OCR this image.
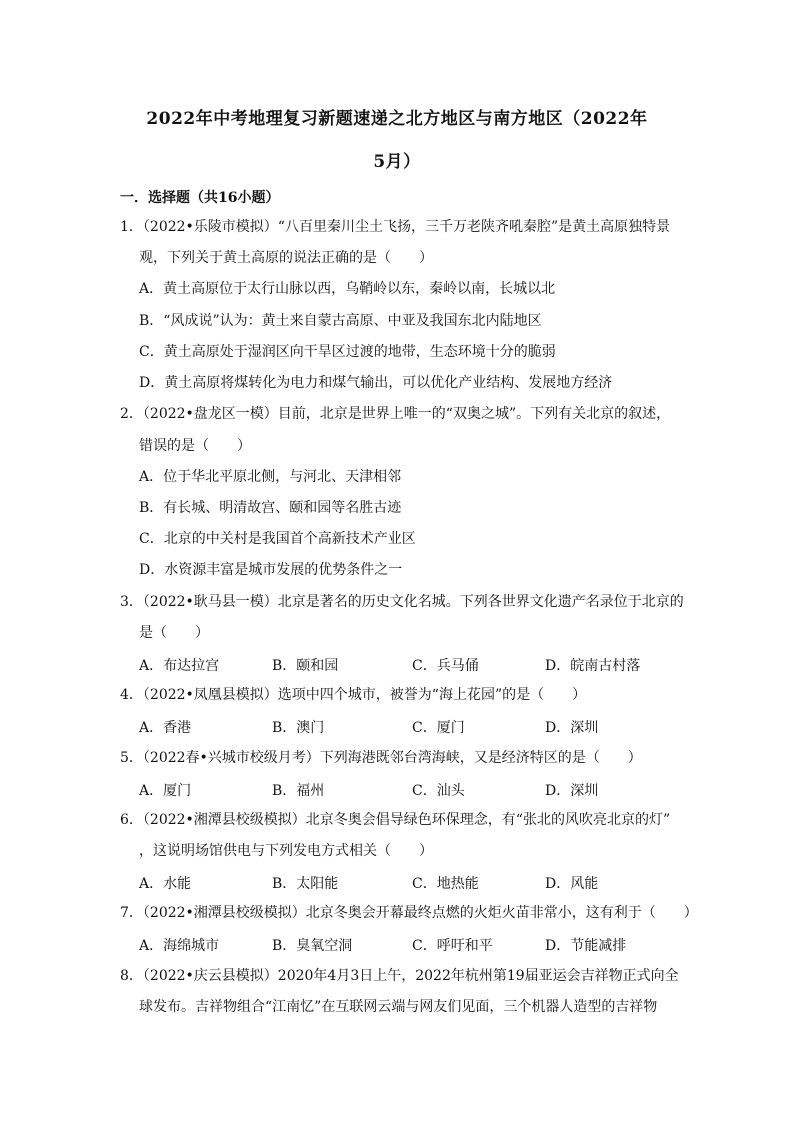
2022年中考地理复习新题速递之北方地区与南方地区（2022年
5月）
一．选择题（共16小题）
1．（2022•乐陵市模拟）“八百里秦川尘土飞扬，三千万老陕齐吼秦腔”是黄土高原独特景
观，下列关于黄土高原的说法正确的是（　　）
A．黄土高原位于太行山脉以西，乌鞘岭以东，秦岭以南，长城以北
B．“风成说”认为：黄土来自蒙古高原、中亚及我国东北内陆地区
C．黄土高原处于湿润区向干旱区过渡的地带，生态环境十分的脆弱
D．黄土高原将煤转化为电力和煤气输出，可以优化产业结构、发展地方经济
2．（2022•盘龙区一模）目前，北京是世界上唯一的“双奥之城”。下列有关北京的叙述，
错误的是（　　）
A．位于华北平原北侧，与河北、天津相邻
B．有长城、明清故宫、颐和园等名胜古迹
C．北京的中关村是我国首个高新技术产业区
D．水资源丰富是城市发展的优势条件之一
3．（2022•耿马县一模）北京是著名的历史文化名城。下列各世界文化遗产名录位于北京的
是（　　）
A．布达拉宫	B．颐和园	C．兵马俑	D．皖南古村落
4．（2022•凤凰县模拟）选项中四个城市，被誉为“海上花园”的是（　　）
A．香港	B．澳门	C．厦门	D．深圳
5．（2022春•兴城市校级月考）下列海港既邻台湾海峡，又是经济特区的是（　　）
A．厦门	B．福州	C．汕头	D．深圳
6．（2022•湘潭县校级模拟）北京冬奥会倡导绿色环保理念，有“张北的风吹亮北京的灯”
，这说明场馆供电与下列发电方式相关（　　）
A．水能	B．太阳能	C．地热能	D．风能
7．（2022•湘潭县校级模拟）北京冬奥会开幕最终点燃的火炬火苗非常小，这有利于（　　）
A．海绵城市	B．臭氧空洞	C．呼吁和平	D．节能减排
8．（2022•庆云县模拟）2020年4月3日上午，2022年杭州第19届亚运会吉祥物正式向全
球发布。吉祥物组合“江南忆”在互联网云端与网友们见面，三个机器人造型的吉祥物
